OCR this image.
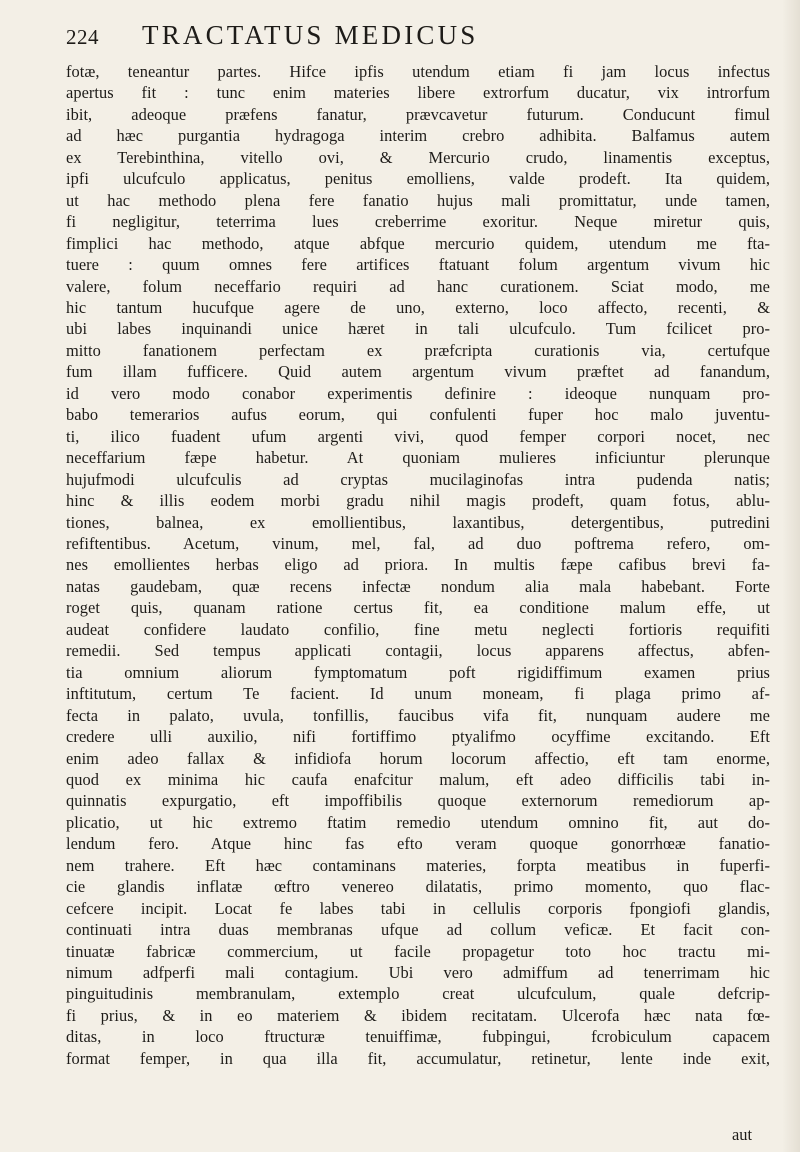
224	TRACTATUS MEDICUS
fotæ, teneantur partes. Hifce ipfis utendum etiam fi jam locus infectus
apertus fit : tunc enim materies libere extrorfum ducatur, vix introrfum
ibit, adeoque præfens fanatur, prævcavetur futurum. Conducunt fimul
ad hæc purgantia hydragoga interim crebro adhibita. Balfamus autem
ex Terebinthina, vitello ovi, & Mercurio crudo, linamentis exceptus,
ipfi ulcufculo applicatus, penitus emolliens, valde prodeft. Ita quidem,
ut hac methodo plena fere fanatio hujus mali promittatur, unde tamen,
fi negligitur, teterrima lues creberrime exoritur. Neque miretur quis,
fimplici hac methodo, atque abfque mercurio quidem, utendum me fta-
tuere : quum omnes fere artifices ftatuant folum argentum vivum hic
valere, folum neceffario requiri ad hanc curationem. Sciat modo, me
hic tantum hucufque agere de uno, externo, loco affecto, recenti, &
ubi labes inquinandi unice hæret in tali ulcufculo. Tum fcilicet pro-
mitto fanationem perfectam ex præfcripta curationis via, certufque
fum illam fufficere. Quid autem argentum vivum præftet ad fanandum,
id vero modo conabor experimentis definire : ideoque nunquam pro-
babo temerarios aufus eorum, qui confulenti fuper hoc malo juventu-
ti, ilico fuadent ufum argenti vivi, quod femper corpori nocet, nec
neceffarium fæpe habetur. At quoniam mulieres inficiuntur plerunque
hujufmodi ulcufculis ad cryptas mucilaginofas intra pudenda natis;
hinc & illis eodem morbi gradu nihil magis prodeft, quam fotus, ablu-
tiones, balnea, ex emollientibus, laxantibus, detergentibus, putredini
refiftentibus. Acetum, vinum, mel, fal, ad duo poftrema refero, om-
nes emollientes herbas eligo ad priora. In multis fæpe cafibus brevi fa-
natas gaudebam, quæ recens infectæ nondum alia mala habebant. Forte
roget quis, quanam ratione certus fit, ea conditione malum effe, ut
audeat confidere laudato confilio, fine metu neglecti fortioris requifiti
remedii. Sed tempus applicati contagii, locus apparens affectus, abfen-
tia omnium aliorum fymptomatum poft rigidiffimum examen prius
inftitutum, certum Te facient. Id unum moneam, fi plaga primo af-
fecta in palato, uvula, tonfillis, faucibus vifa fit, nunquam audere me
credere ulli auxilio, nifi fortiffimo ptyalifmo ocyffime excitando. Eft
enim adeo fallax & infidiofa horum locorum affectio, eft tam enorme,
quod ex minima hic caufa enafcitur malum, eft adeo difficilis tabi in-
quinnatis expurgatio, eft impoffibilis quoque externorum remediorum ap-
plicatio, ut hic extremo ftatim remedio utendum omnino fit, aut do-
lendum fero. Atque hinc fas efto veram quoque gonorrhœæ fanatio-
nem trahere. Eft hæc contaminans materies, forpta meatibus in fuperfi-
cie glandis inflatæ œftro venereo dilatatis, primo momento, quo flac-
cefcere incipit. Locat fe labes tabi in cellulis corporis fpongiofi glandis,
continuati intra duas membranas ufque ad collum veficæ. Et facit con-
tinuatæ fabricæ commercium, ut facile propagetur toto hoc tractu mi-
nimum adfperfi mali contagium. Ubi vero admiffum ad tenerrimam hic
pinguitudinis membranulam, extemplo creat ulcufculum, quale defcrip-
fi prius, & in eo materiem & ibidem recitatam. Ulcerofa hæc nata fœ-
ditas, in loco ftructuræ tenuiffimæ, fubpingui, fcrobiculum capacem
format femper, in qua illa fit, accumulatur, retinetur, lente inde exit,
aut
